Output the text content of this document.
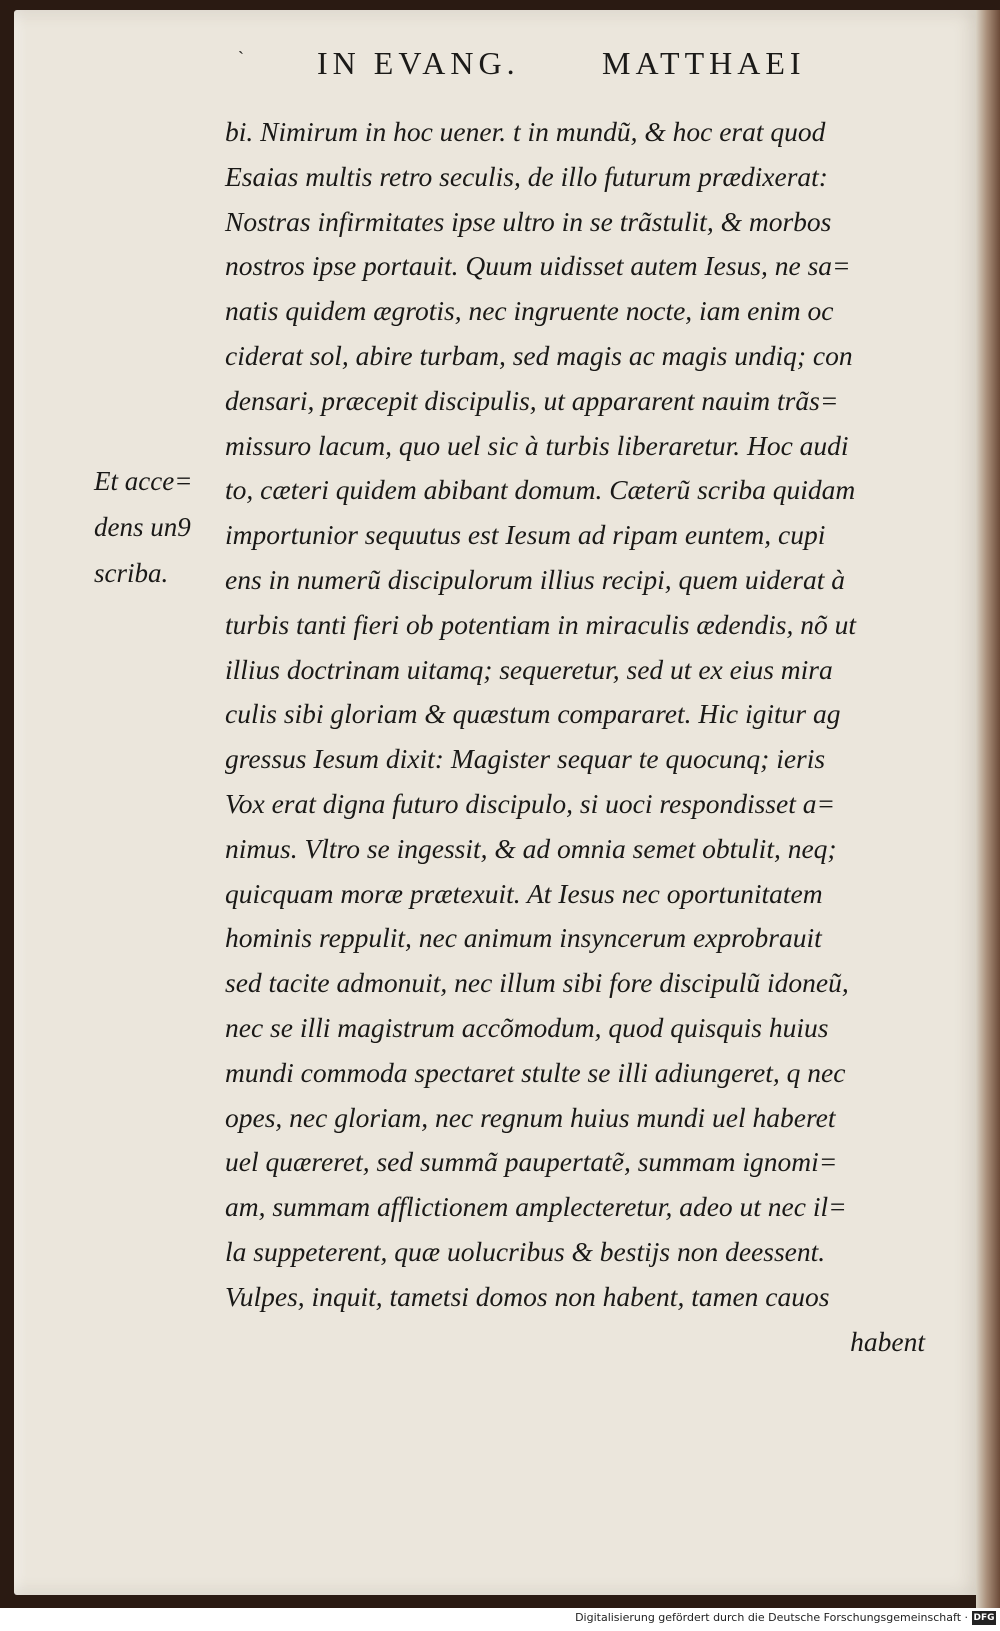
` IN EVANG.	MATTHAEI
Et acce=
dens un9
scriba.
bi. Nimirum in hoc uener. t in mundũ, & hoc erat quod
Esaias multis retro seculis, de illo futurum prædixerat:
Nostras infirmitates ipse ultro in se trãstulit, & morbos
nostros ipse portauit. Quum uidisset autem Iesus, ne sa=
natis quidem ægrotis, nec ingruente nocte, iam enim oc
ciderat sol, abire turbam, sed magis ac magis undiq; con
densari, præcepit discipulis, ut appararent nauim trãs=
missuro lacum, quo uel sic à turbis liberaretur. Hoc audi
to, cæteri quidem abibant domum. Cæterũ scriba quidam
importunior sequutus est Iesum ad ripam euntem, cupi
ens in numerũ discipulorum illius recipi, quem uiderat à
turbis tanti fieri ob potentiam in miraculis ædendis, nõ ut
illius doctrinam uitamq; sequeretur, sed ut ex eius mira
culis sibi gloriam & quæstum compararet. Hic igitur ag
gressus Iesum dixit: Magister sequar te quocunq; ieris
Vox erat digna futuro discipulo, si uoci respondisset a=
nimus. Vltro se ingessit, & ad omnia semet obtulit, neq;
quicquam moræ prætexuit. At Iesus nec oportunitatem
hominis reppulit, nec animum insyncerum exprobrauit
sed tacite admonuit, nec illum sibi fore discipulũ idoneũ,
nec se illi magistrum accõmodum, quod quisquis huius
mundi commoda spectaret stulte se illi adiungeret, q nec
opes, nec gloriam, nec regnum huius mundi uel haberet
uel quæreret, sed summã paupertatẽ, summam ignomi=
am, summam afflictionem amplecteretur, adeo ut nec il=
la suppeterent, quæ uolucribus & bestijs non deessent.
Vulpes, inquit, tametsi domos non habent, tamen cauos
habent
Digitalisierung gefördert durch die Deutsche Forschungsgemeinschaft · DFG
